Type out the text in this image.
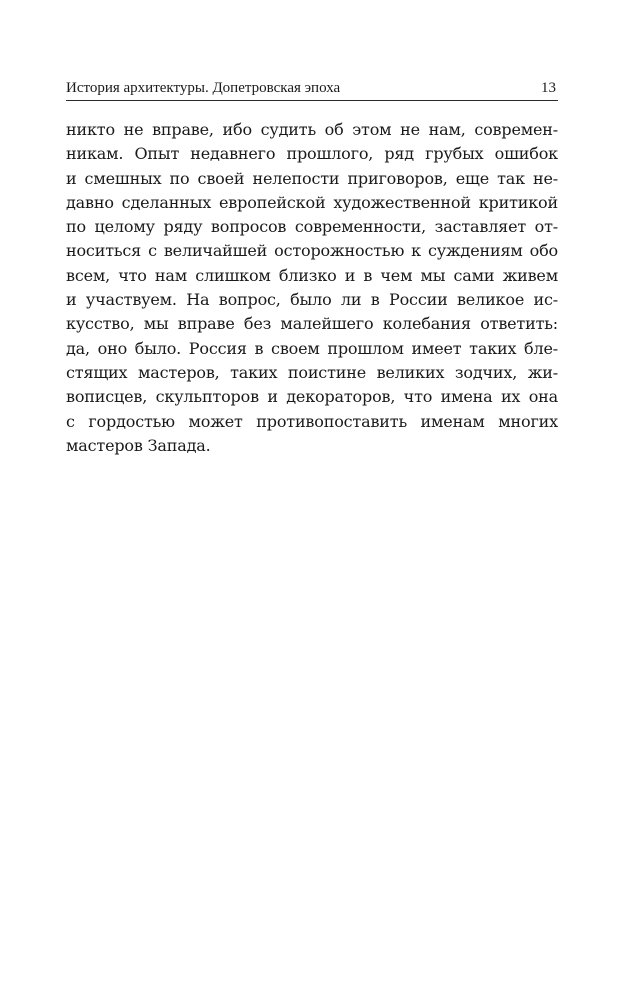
История архитектуры. Допетровская эпоха	13
никто не вправе, ибо судить об этом не нам, современ-
никам. Опыт недавнего прошлого, ряд грубых ошибок
и смешных по своей нелепости приговоров, еще так не-
давно сделанных европейской художественной критикой
по целому ряду вопросов современности, заставляет от-
носиться с величайшей осторожностью к суждениям обо
всем, что нам слишком близко и в чем мы сами живем
и участвуем. На вопрос, было ли в России великое ис-
кусство, мы вправе без малейшего колебания ответить:
да, оно было. Россия в своем прошлом имеет таких бле-
стящих мастеров, таких поистине великих зодчих, жи-
вописцев, скульпторов и декораторов, что имена их она
с гордостью может противопоставить именам многих
мастеров Запада.
